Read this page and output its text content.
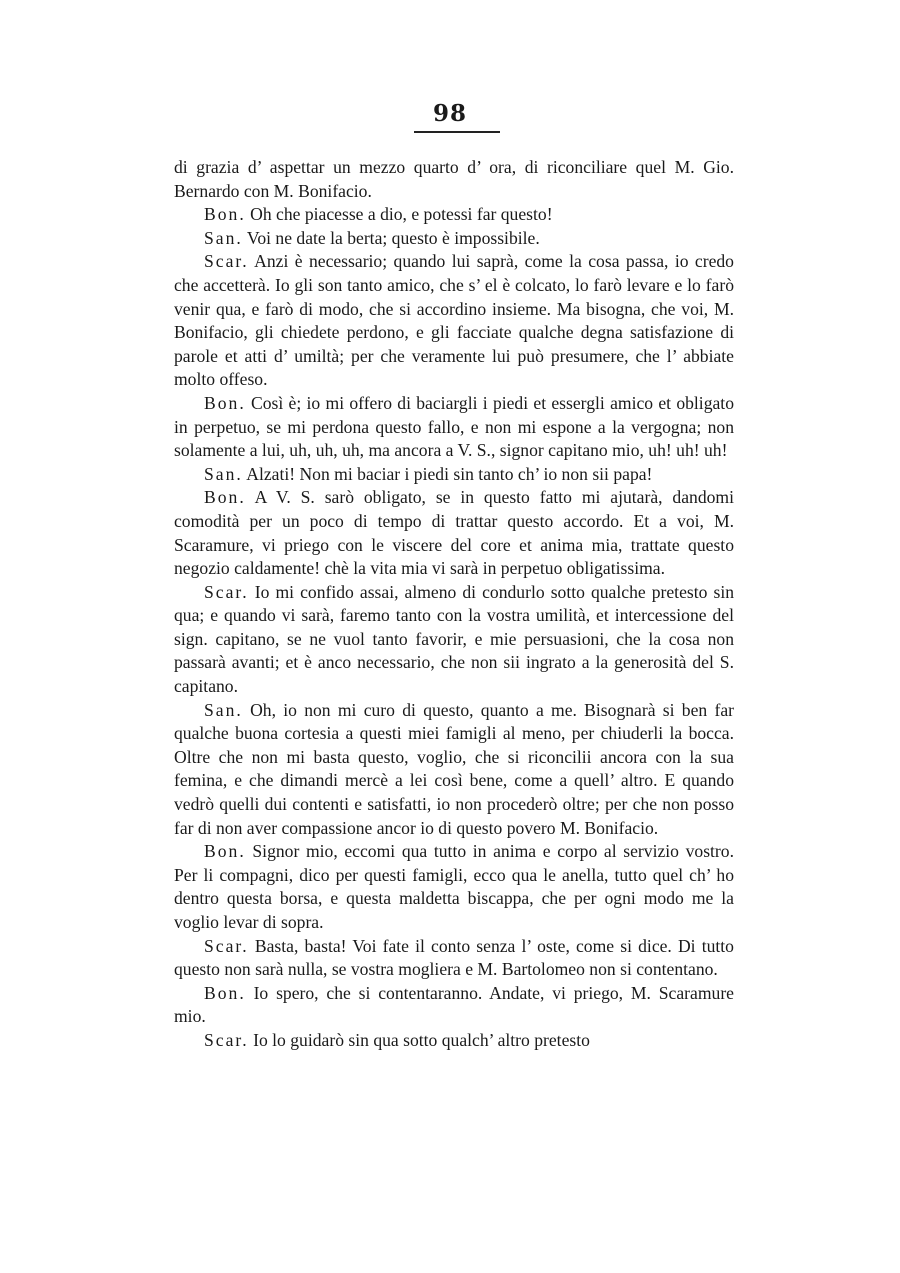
98

di grazia d’ aspettar un mezzo quarto d’ ora, di riconciliare quel M. Gio. Bernardo con M. Bonifacio.

Bon. Oh che piacesse a dio, e potessi far questo!

San. Voi ne date la berta; questo è impossibile.

Scar. Anzi è necessario; quando lui saprà, come la cosa passa, io credo che accetterà. Io gli son tanto amico, che s’ el è colcato, lo farò levare e lo farò venir qua, e farò di modo, che si accordino insieme. Ma bisogna, che voi, M. Bonifacio, gli chiedete perdono, e gli facciate qualche degna satisfazione di parole et atti d’ umiltà; per che veramente lui può presumere, che l’ abbiate molto offeso.

Bon. Così è; io mi offero di baciargli i piedi et essergli amico et obligato in perpetuo, se mi perdona questo fallo, e non mi espone a la vergogna; non solamente a lui, uh, uh, uh, ma ancora a V. S., signor capitano mio, uh! uh! uh!

San. Alzati! Non mi baciar i piedi sin tanto ch’ io non sii papa!

Bon. A V. S. sarò obligato, se in questo fatto mi ajutarà, dandomi comodità per un poco di tempo di trattar questo accordo. Et a voi, M. Scaramure, vi priego con le viscere del core et anima mia, trattate questo negozio caldamente! chè la vita mia vi sarà in perpetuo obligatissima.

Scar. Io mi confido assai, almeno di condurlo sotto qualche pretesto sin qua; e quando vi sarà, faremo tanto con la vostra umilità, et intercessione del sign. capitano, se ne vuol tanto favorir, e mie persuasioni, che la cosa non passarà avanti; et è anco necessario, che non sii ingrato a la generosità del S. capitano.

San. Oh, io non mi curo di questo, quanto a me. Bisognarà si ben far qualche buona cortesia a questi miei famigli al meno, per chiuderli la bocca. Oltre che non mi basta questo, voglio, che si riconcilii ancora con la sua femina, e che dimandi mercè a lei così bene, come a quell’ altro. E quando vedrò quelli dui contenti e satisfatti, io non procederò oltre; per che non posso far di non aver compassione ancor io di questo povero M. Bonifacio.

Bon. Signor mio, eccomi qua tutto in anima e corpo al servizio vostro. Per li compagni, dico per questi famigli, ecco qua le anella, tutto quel ch’ ho dentro questa borsa, e questa maldetta biscappa, che per ogni modo me la voglio levar di sopra.

Scar. Basta, basta! Voi fate il conto senza l’ oste, come si dice. Di tutto questo non sarà nulla, se vostra mogliera e M. Bartolomeo non si contentano.

Bon. Io spero, che si contentaranno. Andate, vi priego, M. Scaramure mio.

Scar. Io lo guidarò sin qua sotto qualch’ altro pretesto
